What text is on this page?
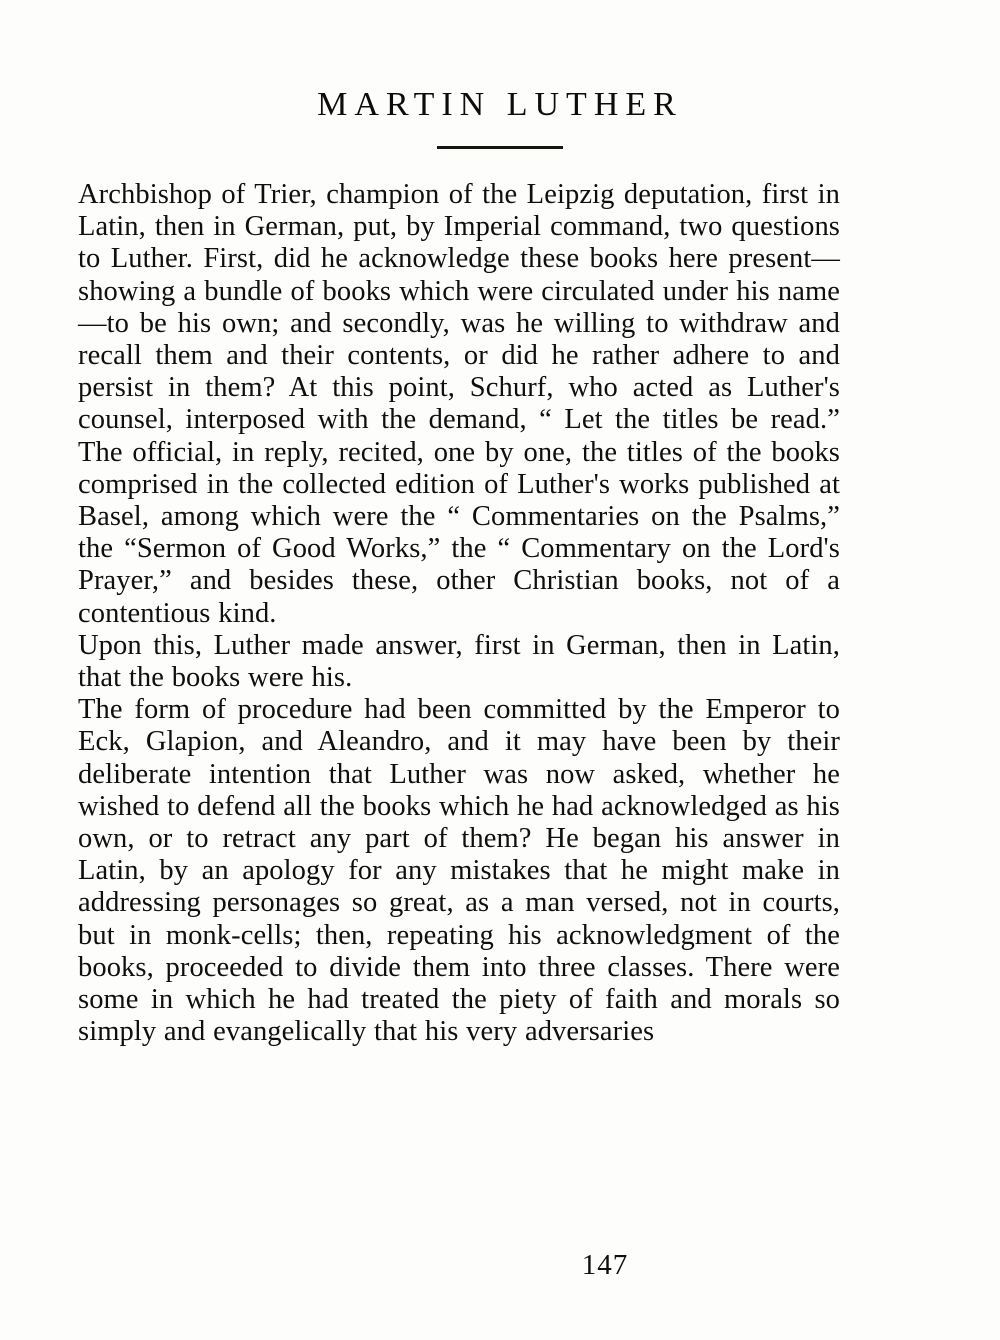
MARTIN LUTHER

Archbishop of Trier, champion of the Leipzig deputation, first in Latin, then in German, put, by Imperial command, two questions to Luther. First, did he acknowledge these books here present—showing a bundle of books which were circulated under his name—to be his own; and secondly, was he willing to withdraw and recall them and their contents, or did he rather adhere to and persist in them? At this point, Schurf, who acted as Luther's counsel, interposed with the demand, “ Let the titles be read.” The official, in reply, recited, one by one, the titles of the books comprised in the collected edition of Luther's works published at Basel, among which were the “ Commentaries on the Psalms,” the “Sermon of Good Works,” the “ Commentary on the Lord's Prayer,” and besides these, other Christian books, not of a contentious kind.

Upon this, Luther made answer, first in German, then in Latin, that the books were his.

The form of procedure had been committed by the Emperor to Eck, Glapion, and Aleandro, and it may have been by their deliberate intention that Luther was now asked, whether he wished to defend all the books which he had acknowledged as his own, or to retract any part of them? He began his answer in Latin, by an apology for any mistakes that he might make in addressing personages so great, as a man versed, not in courts, but in monk-cells; then, repeating his acknowledgment of the books, proceeded to divide them into three classes. There were some in which he had treated the piety of faith and morals so simply and evangelically that his very adversaries

147
